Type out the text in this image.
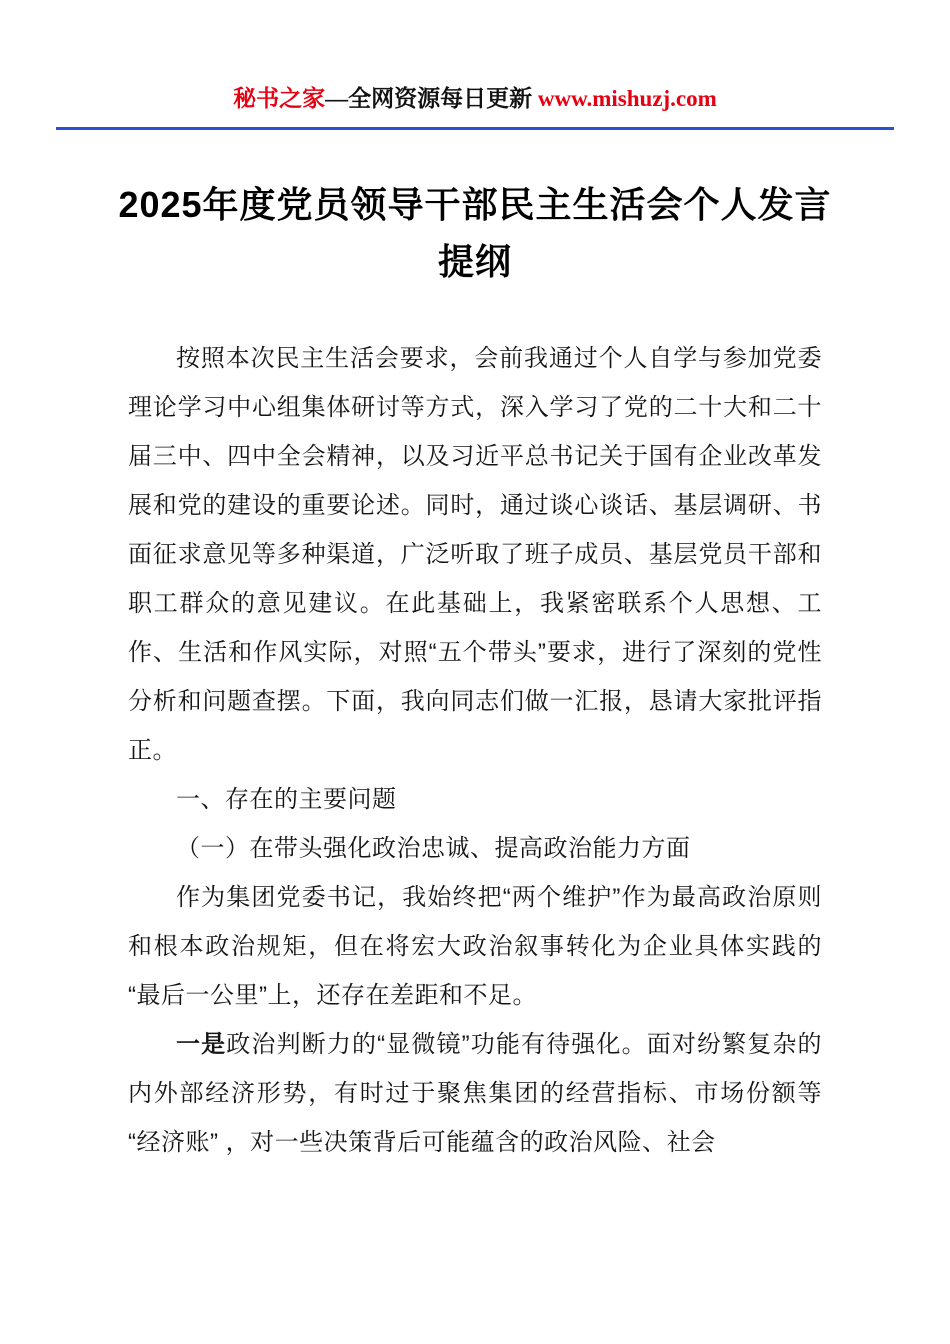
秘书之家—全网资源每日更新 www.mishuzj.com
2025年度党员领导干部民主生活会个人发言
提纲

按照本次民主生活会要求，会前我通过个人自学与参加党委理论学习中心组集体研讨等方式，深入学习了党的二十大和二十届三中、四中全会精神，以及习近平总书记关于国有企业改革发展和党的建设的重要论述。同时，通过谈心谈话、基层调研、书面征求意见等多种渠道，广泛听取了班子成员、基层党员干部和职工群众的意见建议。在此基础上，我紧密联系个人思想、工作、生活和作风实际，对照“五个带头”要求，进行了深刻的党性分析和问题查摆。下面，我向同志们做一汇报，恳请大家批评指正。

一、存在的主要问题

（一）在带头强化政治忠诚、提高政治能力方面

作为集团党委书记，我始终把“两个维护”作为最高政治原则和根本政治规矩，但在将宏大政治叙事转化为企业具体实践的“最后一公里”上，还存在差距和不足。

一是政治判断力的“显微镜”功能有待强化。面对纷繁复杂的内外部经济形势，有时过于聚焦集团的经营指标、市场份额等“经济账” ，对一些决策背后可能蕴含的政治风险、社会
